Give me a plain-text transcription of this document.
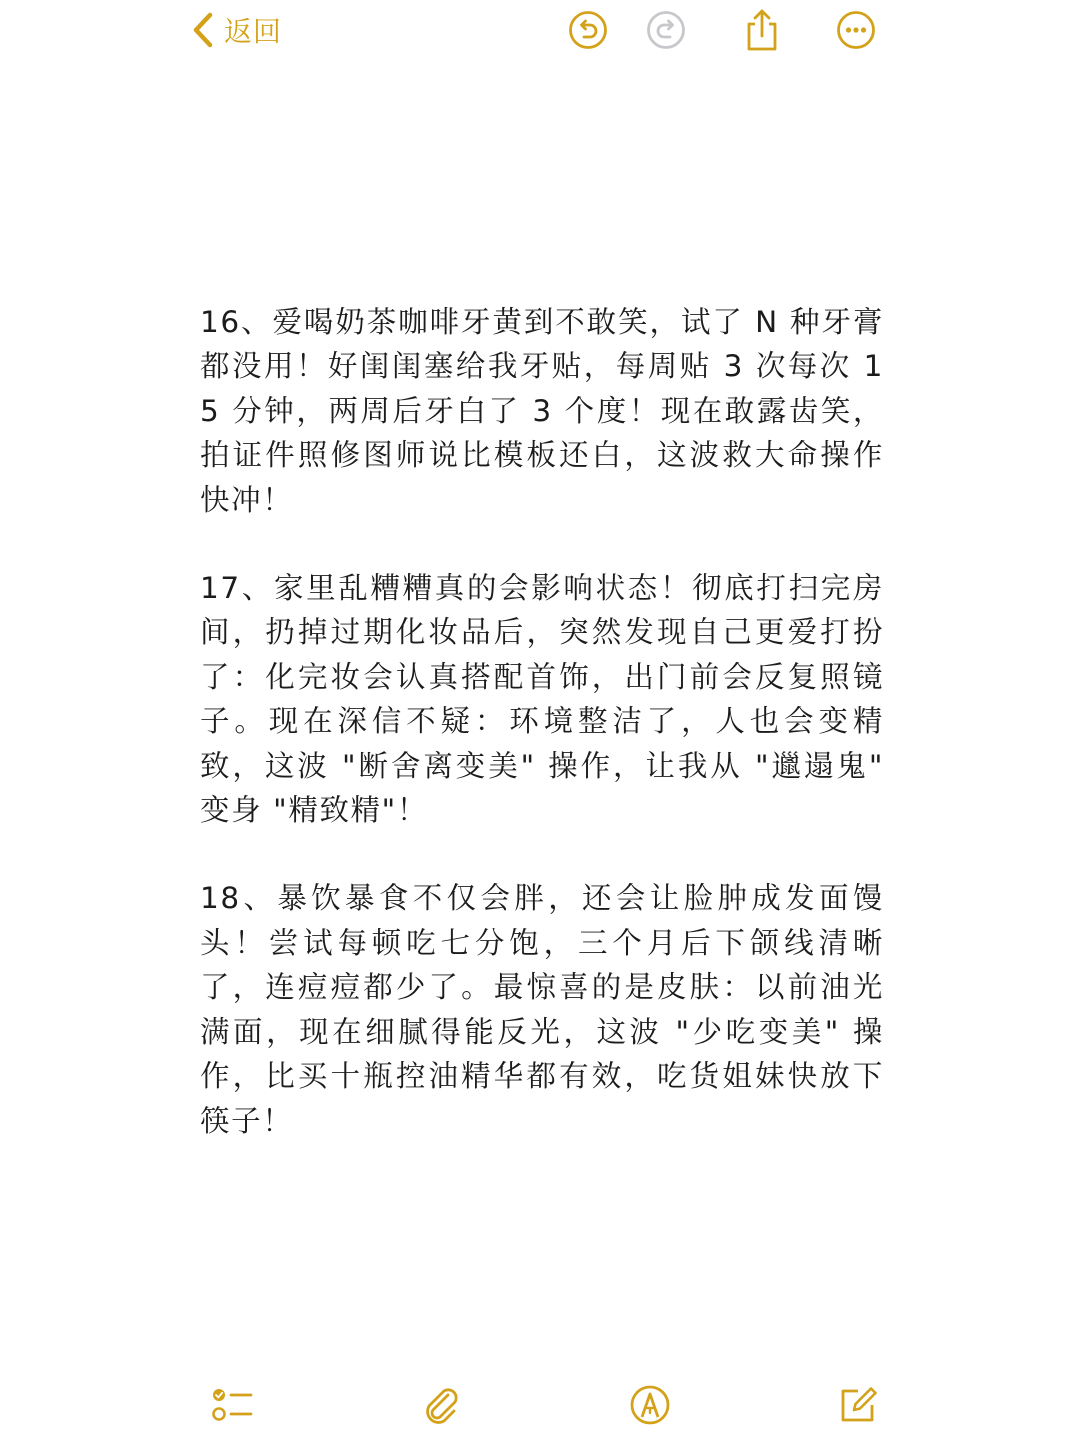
返回

16、爱喝奶茶咖啡牙黄到不敢笑，试了 N 种牙膏都没用！好闺闺塞给我牙贴，每周贴 3 次每次 15 分钟，两周后牙白了 3 个度！现在敢露齿笑，拍证件照修图师说比模板还白，这波救大命操作快冲！

17、家里乱糟糟真的会影响状态！彻底打扫完房间，扔掉过期化妆品后，突然发现自己更爱打扮了：化完妆会认真搭配首饰，出门前会反复照镜子。现在深信不疑：环境整洁了，人也会变精致，这波 "断舍离变美" 操作，让我从 "邋遢鬼" 变身 "精致精"！

18、暴饮暴食不仅会胖，还会让脸肿成发面馒头！尝试每顿吃七分饱，三个月后下颌线清晰了，连痘痘都少了。最惊喜的是皮肤：以前油光满面，现在细腻得能反光，这波 "少吃变美" 操作，比买十瓶控油精华都有效，吃货姐妹快放下筷子！
